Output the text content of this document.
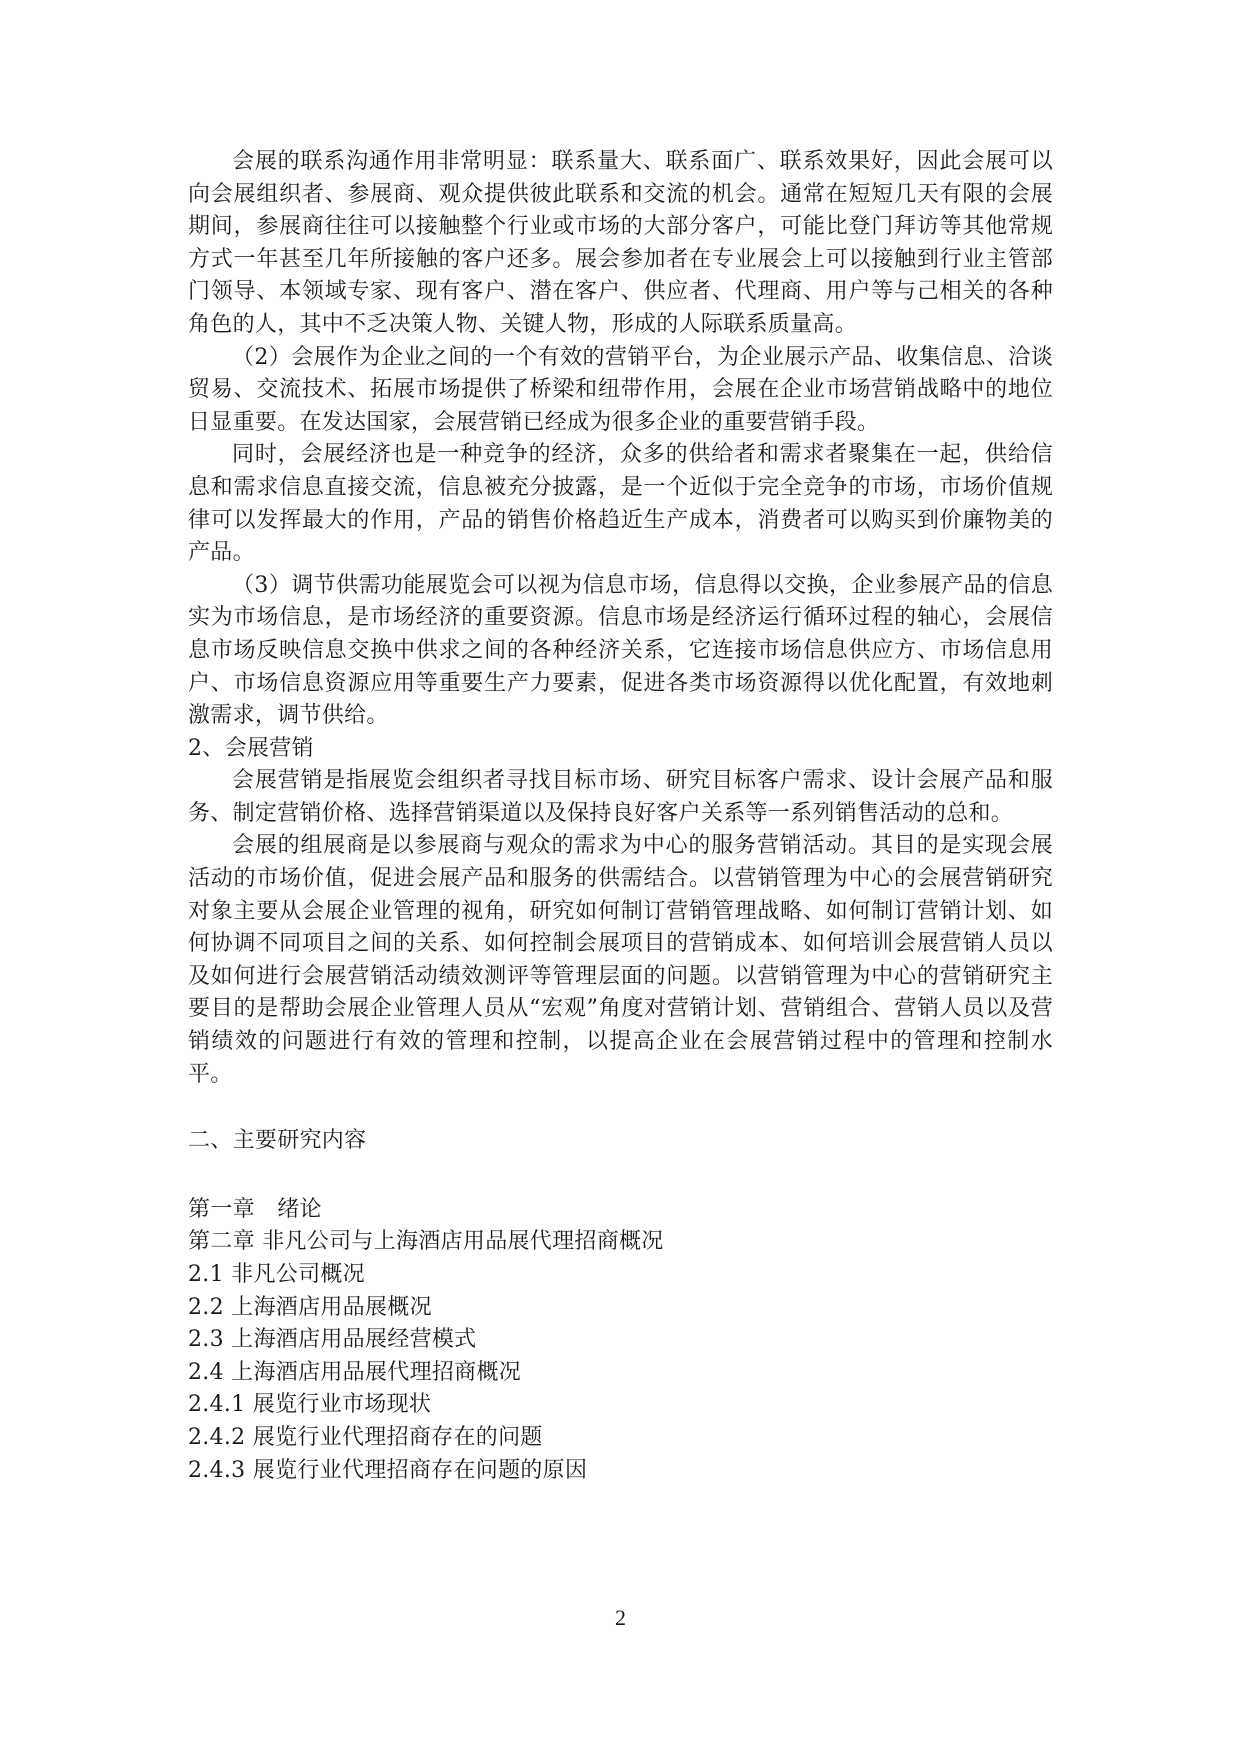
会展的联系沟通作用非常明显：联系量大、联系面广、联系效果好，因此会展可以向会展组织者、参展商、观众提供彼此联系和交流的机会。通常在短短几天有限的会展期间，参展商往往可以接触整个行业或市场的大部分客户，可能比登门拜访等其他常规方式一年甚至几年所接触的客户还多。展会参加者在专业展会上可以接触到行业主管部门领导、本领域专家、现有客户、潜在客户、供应者、代理商、用户等与己相关的各种角色的人，其中不乏决策人物、关键人物，形成的人际联系质量高。

（2）会展作为企业之间的一个有效的营销平台，为企业展示产品、收集信息、洽谈贸易、交流技术、拓展市场提供了桥梁和纽带作用，会展在企业市场营销战略中的地位日显重要。在发达国家，会展营销已经成为很多企业的重要营销手段。

同时，会展经济也是一种竞争的经济，众多的供给者和需求者聚集在一起，供给信息和需求信息直接交流，信息被充分披露，是一个近似于完全竞争的市场，市场价值规律可以发挥最大的作用，产品的销售价格趋近生产成本，消费者可以购买到价廉物美的产品。

（3）调节供需功能展览会可以视为信息市场，信息得以交换，企业参展产品的信息实为市场信息，是市场经济的重要资源。信息市场是经济运行循环过程的轴心，会展信息市场反映信息交换中供求之间的各种经济关系，它连接市场信息供应方、市场信息用户、市场信息资源应用等重要生产力要素，促进各类市场资源得以优化配置，有效地刺激需求，调节供给。

2、会展营销

会展营销是指展览会组织者寻找目标市场、研究目标客户需求、设计会展产品和服务、制定营销价格、选择营销渠道以及保持良好客户关系等一系列销售活动的总和。

会展的组展商是以参展商与观众的需求为中心的服务营销活动。其目的是实现会展活动的市场价值，促进会展产品和服务的供需结合。以营销管理为中心的会展营销研究对象主要从会展企业管理的视角，研究如何制订营销管理战略、如何制订营销计划、如何协调不同项目之间的关系、如何控制会展项目的营销成本、如何培训会展营销人员以及如何进行会展营销活动绩效测评等管理层面的问题。以营销管理为中心的营销研究主要目的是帮助会展企业管理人员从“宏观”角度对营销计划、营销组合、营销人员以及营销绩效的问题进行有效的管理和控制，以提高企业在会展营销过程中的管理和控制水平。

二、主要研究内容

第一章　绪论
第二章 非凡公司与上海酒店用品展代理招商概况
2.1 非凡公司概况
2.2 上海酒店用品展概况
2.3 上海酒店用品展经营模式
2.4 上海酒店用品展代理招商概况
2.4.1 展览行业市场现状
2.4.2 展览行业代理招商存在的问题
2.4.3 展览行业代理招商存在问题的原因
2
